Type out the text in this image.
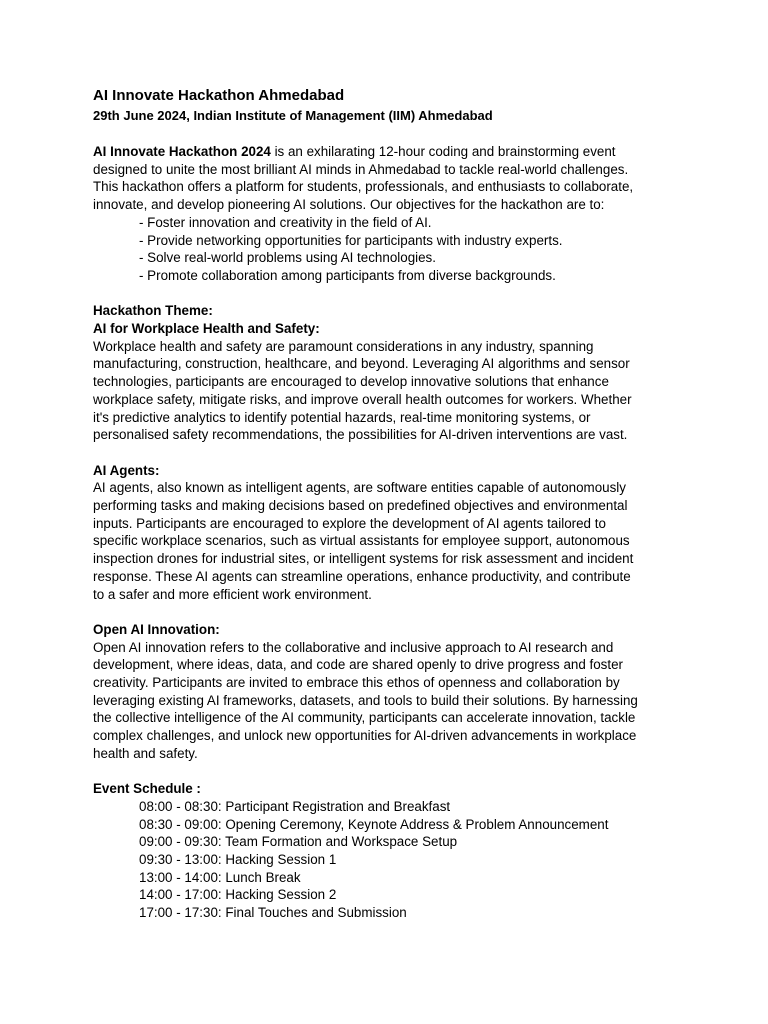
AI Innovate Hackathon Ahmedabad
29th June 2024, Indian Institute of Management (IIM) Ahmedabad

AI Innovate Hackathon 2024 is an exhilarating 12-hour coding and brainstorming event

designed to unite the most brilliant AI minds in Ahmedabad to tackle real-world challenges.

This hackathon offers a platform for students, professionals, and enthusiasts to collaborate,

innovate, and develop pioneering AI solutions. Our objectives for the hackathon are to:

- Foster innovation and creativity in the field of AI.
- Provide networking opportunities for participants with industry experts.
- Solve real-world problems using AI technologies.
- Promote collaboration among participants from diverse backgrounds.

Hackathon Theme:

AI for Workplace Health and Safety:

Workplace health and safety are paramount considerations in any industry, spanning

manufacturing, construction, healthcare, and beyond. Leveraging AI algorithms and sensor

technologies, participants are encouraged to develop innovative solutions that enhance

workplace safety, mitigate risks, and improve overall health outcomes for workers. Whether

it's predictive analytics to identify potential hazards, real-time monitoring systems, or

personalised safety recommendations, the possibilities for AI-driven interventions are vast.

AI Agents:

AI agents, also known as intelligent agents, are software entities capable of autonomously

performing tasks and making decisions based on predefined objectives and environmental

inputs. Participants are encouraged to explore the development of AI agents tailored to

specific workplace scenarios, such as virtual assistants for employee support, autonomous

inspection drones for industrial sites, or intelligent systems for risk assessment and incident

response. These AI agents can streamline operations, enhance productivity, and contribute

to a safer and more efficient work environment.

Open AI Innovation:

Open AI innovation refers to the collaborative and inclusive approach to AI research and

development, where ideas, data, and code are shared openly to drive progress and foster

creativity. Participants are invited to embrace this ethos of openness and collaboration by

leveraging existing AI frameworks, datasets, and tools to build their solutions. By harnessing

the collective intelligence of the AI community, participants can accelerate innovation, tackle

complex challenges, and unlock new opportunities for AI-driven advancements in workplace

health and safety.

Event Schedule :

08:00 - 08:30: Participant Registration and Breakfast
08:30 - 09:00: Opening Ceremony, Keynote Address & Problem Announcement
09:00 - 09:30: Team Formation and Workspace Setup
09:30 - 13:00: Hacking Session 1
13:00 - 14:00: Lunch Break
14:00 - 17:00: Hacking Session 2
17:00 - 17:30: Final Touches and Submission
